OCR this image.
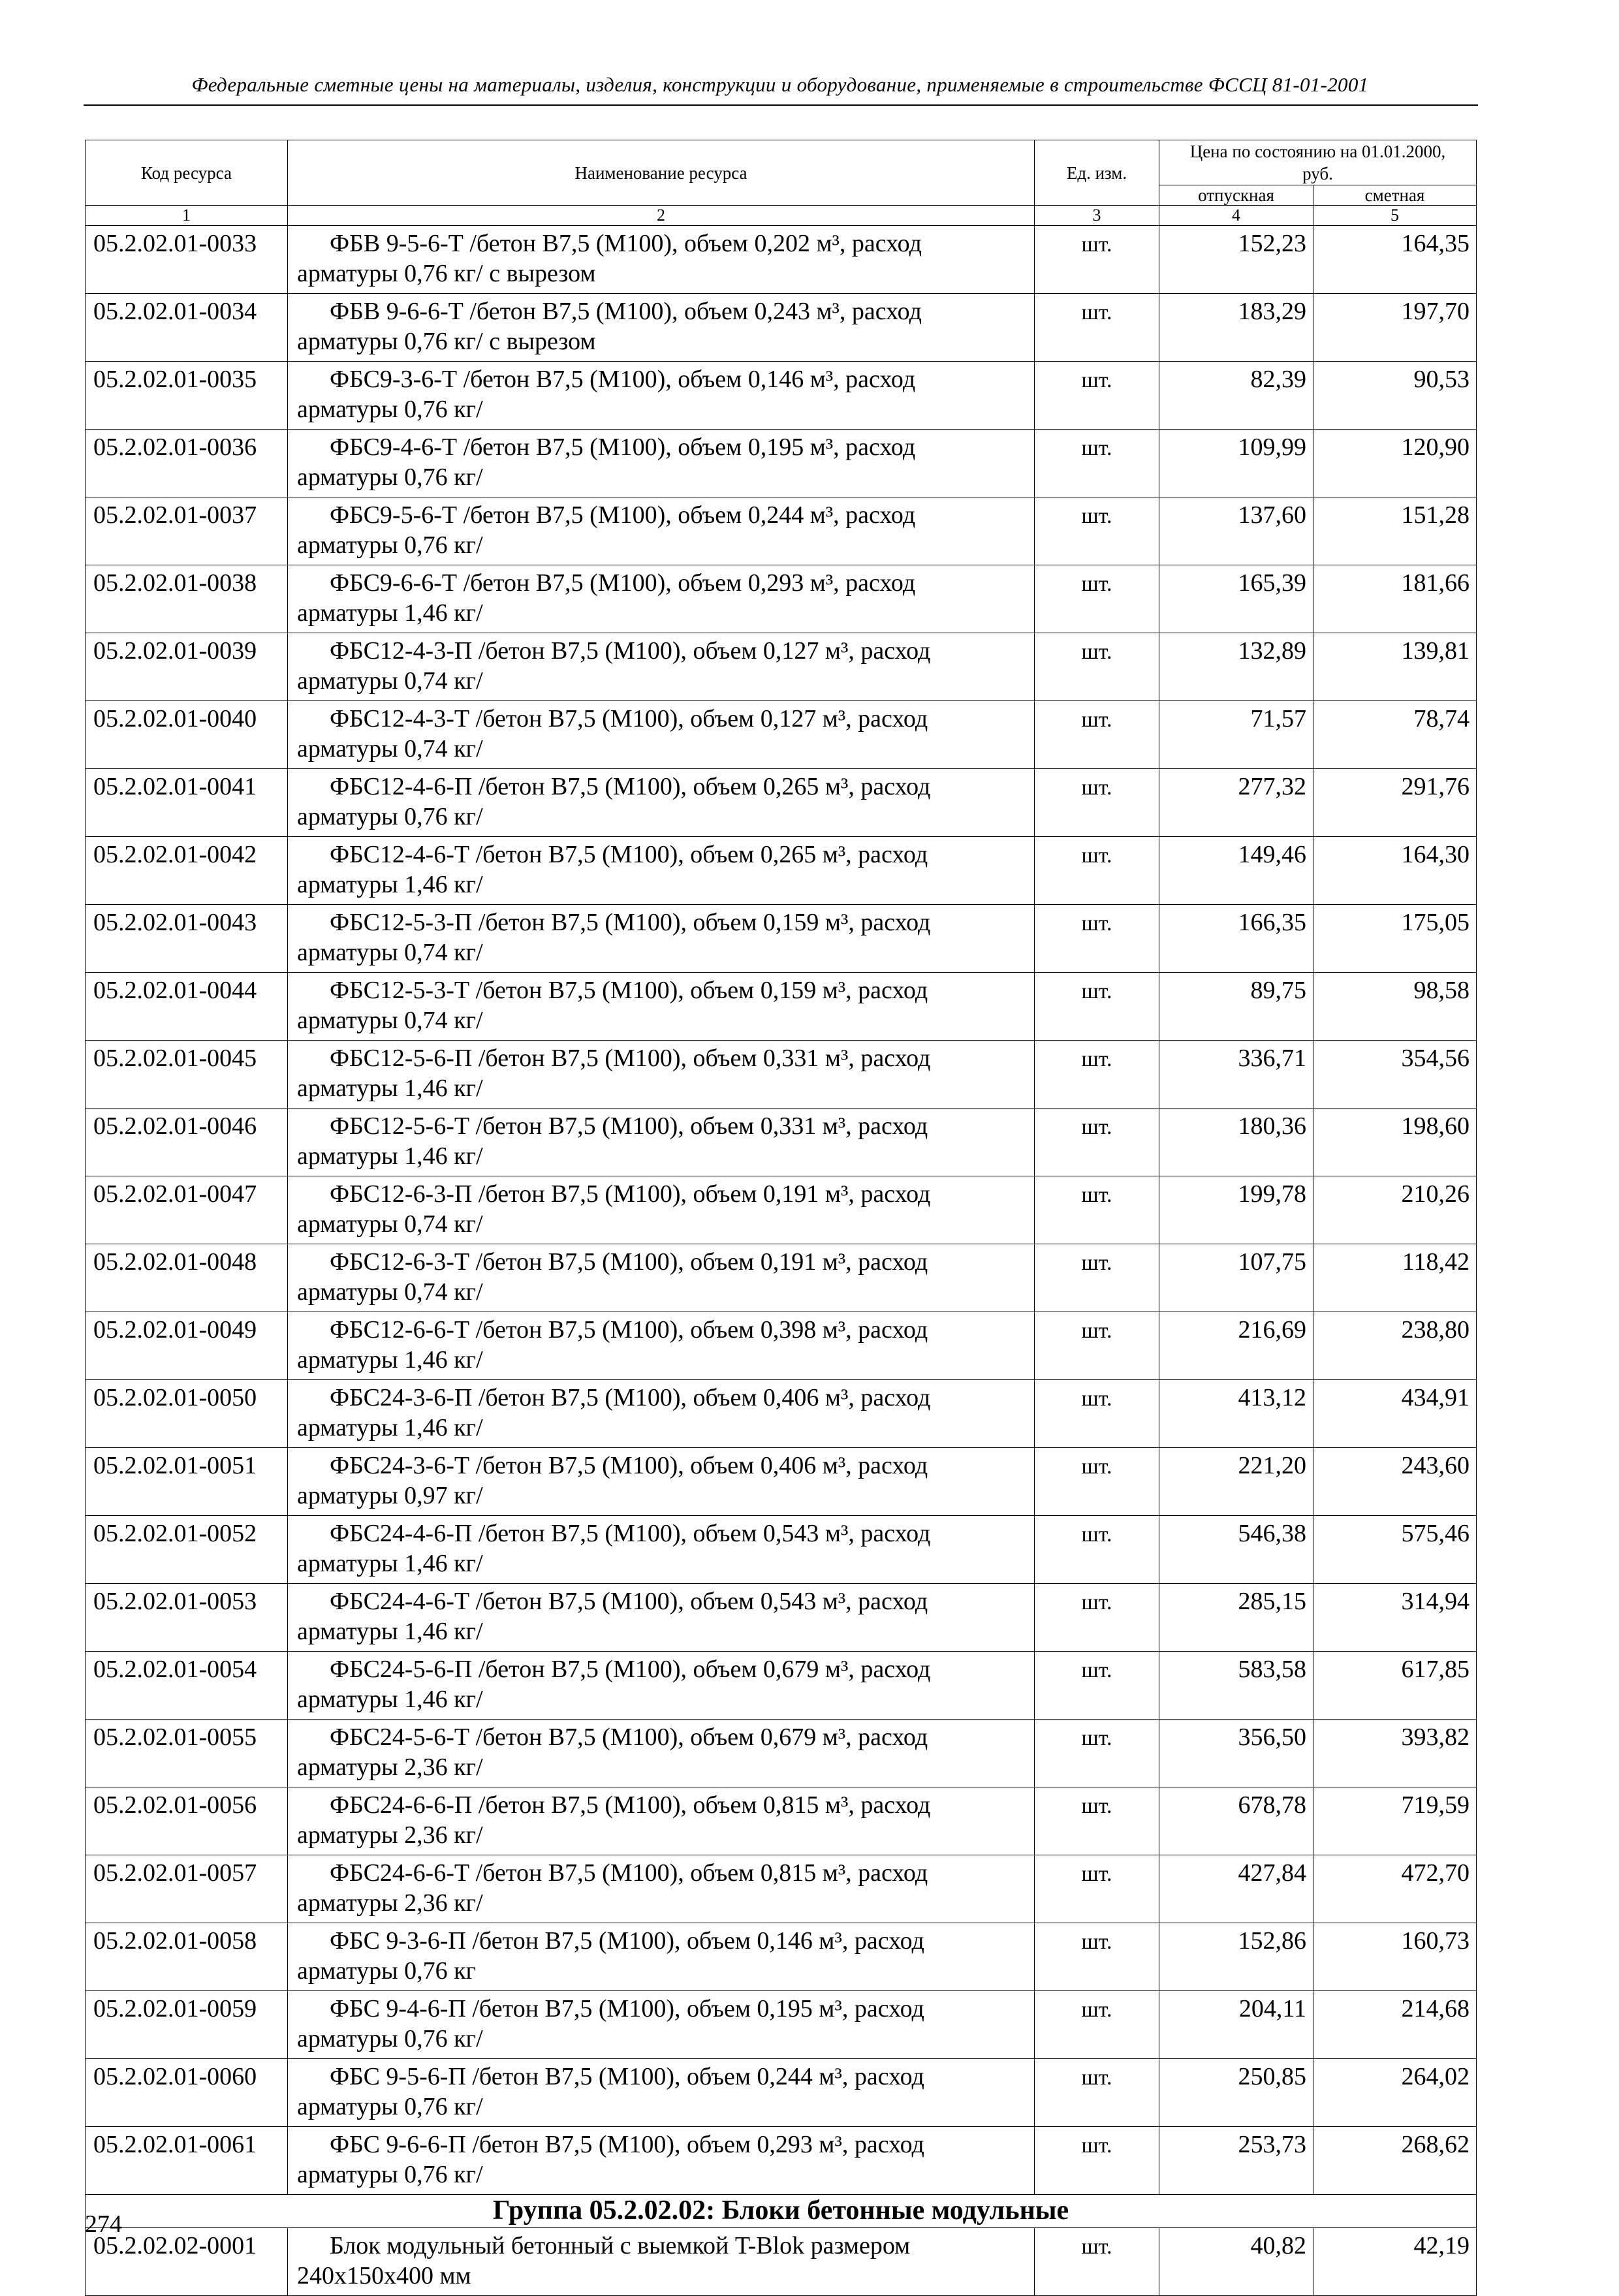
Федеральные сметные цены на материалы, изделия, конструкции и оборудование, применяемые в строительстве ФССЦ 81-01-2001
Код ресурса	Наименование ресурса	Ед. изм.	Цена по состоянию на 01.01.2000, руб.	
			отпускная	сметная
1	2	3	4	5
05.2.02.01-0033	ФБВ 9-5-6-Т /бетон В7,5 (М100), объем 0,202 м³, расход
арматуры 0,76 кг/ с вырезом	шт.	152,23	164,35
05.2.02.01-0034	ФБВ 9-6-6-Т /бетон В7,5 (М100), объем 0,243 м³, расход
арматуры 0,76 кг/ с вырезом	шт.	183,29	197,70
05.2.02.01-0035	ФБС9-3-6-Т /бетон В7,5 (М100), объем 0,146 м³, расход
арматуры 0,76 кг/	шт.	82,39	90,53
05.2.02.01-0036	ФБС9-4-6-Т /бетон В7,5 (М100), объем 0,195 м³, расход
арматуры 0,76 кг/	шт.	109,99	120,90
05.2.02.01-0037	ФБС9-5-6-Т /бетон В7,5 (М100), объем 0,244 м³, расход
арматуры 0,76 кг/	шт.	137,60	151,28
05.2.02.01-0038	ФБС9-6-6-Т /бетон В7,5 (М100), объем 0,293 м³, расход
арматуры 1,46 кг/	шт.	165,39	181,66
05.2.02.01-0039	ФБС12-4-3-П /бетон В7,5 (М100), объем 0,127 м³, расход
арматуры 0,74 кг/	шт.	132,89	139,81
05.2.02.01-0040	ФБС12-4-3-Т /бетон В7,5 (М100), объем 0,127 м³, расход
арматуры 0,74 кг/	шт.	71,57	78,74
05.2.02.01-0041	ФБС12-4-6-П /бетон В7,5 (М100), объем 0,265 м³, расход
арматуры 0,76 кг/	шт.	277,32	291,76
05.2.02.01-0042	ФБС12-4-6-Т /бетон В7,5 (М100), объем 0,265 м³, расход
арматуры 1,46 кг/	шт.	149,46	164,30
05.2.02.01-0043	ФБС12-5-3-П /бетон В7,5 (М100), объем 0,159 м³, расход
арматуры 0,74 кг/	шт.	166,35	175,05
05.2.02.01-0044	ФБС12-5-3-Т /бетон В7,5 (М100), объем 0,159 м³, расход
арматуры 0,74 кг/	шт.	89,75	98,58
05.2.02.01-0045	ФБС12-5-6-П /бетон В7,5 (М100), объем 0,331 м³, расход
арматуры 1,46 кг/	шт.	336,71	354,56
05.2.02.01-0046	ФБС12-5-6-Т /бетон В7,5 (М100), объем 0,331 м³, расход
арматуры 1,46 кг/	шт.	180,36	198,60
05.2.02.01-0047	ФБС12-6-3-П /бетон В7,5 (М100), объем 0,191 м³, расход
арматуры 0,74 кг/	шт.	199,78	210,26
05.2.02.01-0048	ФБС12-6-3-Т /бетон В7,5 (М100), объем 0,191 м³, расход
арматуры 0,74 кг/	шт.	107,75	118,42
05.2.02.01-0049	ФБС12-6-6-Т /бетон В7,5 (М100), объем 0,398 м³, расход
арматуры 1,46 кг/	шт.	216,69	238,80
05.2.02.01-0050	ФБС24-3-6-П /бетон В7,5 (М100), объем 0,406 м³, расход
арматуры 1,46 кг/	шт.	413,12	434,91
05.2.02.01-0051	ФБС24-3-6-Т /бетон В7,5 (М100), объем 0,406 м³, расход
арматуры 0,97 кг/	шт.	221,20	243,60
05.2.02.01-0052	ФБС24-4-6-П /бетон В7,5 (М100), объем 0,543 м³, расход
арматуры 1,46 кг/	шт.	546,38	575,46
05.2.02.01-0053	ФБС24-4-6-Т /бетон В7,5 (М100), объем 0,543 м³, расход
арматуры 1,46 кг/	шт.	285,15	314,94
05.2.02.01-0054	ФБС24-5-6-П /бетон В7,5 (М100), объем 0,679 м³, расход
арматуры 1,46 кг/	шт.	583,58	617,85
05.2.02.01-0055	ФБС24-5-6-Т /бетон В7,5 (М100), объем 0,679 м³, расход
арматуры 2,36 кг/	шт.	356,50	393,82
05.2.02.01-0056	ФБС24-6-6-П /бетон В7,5 (М100), объем 0,815 м³, расход
арматуры 2,36 кг/	шт.	678,78	719,59
05.2.02.01-0057	ФБС24-6-6-Т /бетон В7,5 (М100), объем 0,815 м³, расход
арматуры 2,36 кг/	шт.	427,84	472,70
05.2.02.01-0058	ФБС 9-3-6-П /бетон В7,5 (М100), объем 0,146 м³, расход
арматуры 0,76 кг	шт.	152,86	160,73
05.2.02.01-0059	ФБС 9-4-6-П /бетон В7,5 (М100), объем 0,195 м³, расход
арматуры 0,76 кг/	шт.	204,11	214,68
05.2.02.01-0060	ФБС 9-5-6-П /бетон В7,5 (М100), объем 0,244 м³, расход
арматуры 0,76 кг/	шт.	250,85	264,02
05.2.02.01-0061	ФБС 9-6-6-П /бетон В7,5 (М100), объем 0,293 м³, расход
арматуры 0,76 кг/	шт.	253,73	268,62
Группа 05.2.02.02: Блоки бетонные модульные				
05.2.02.02-0001	Блок модульный бетонный с выемкой T-Blok размером
240x150x400 мм	шт.	40,82	42,19
274
